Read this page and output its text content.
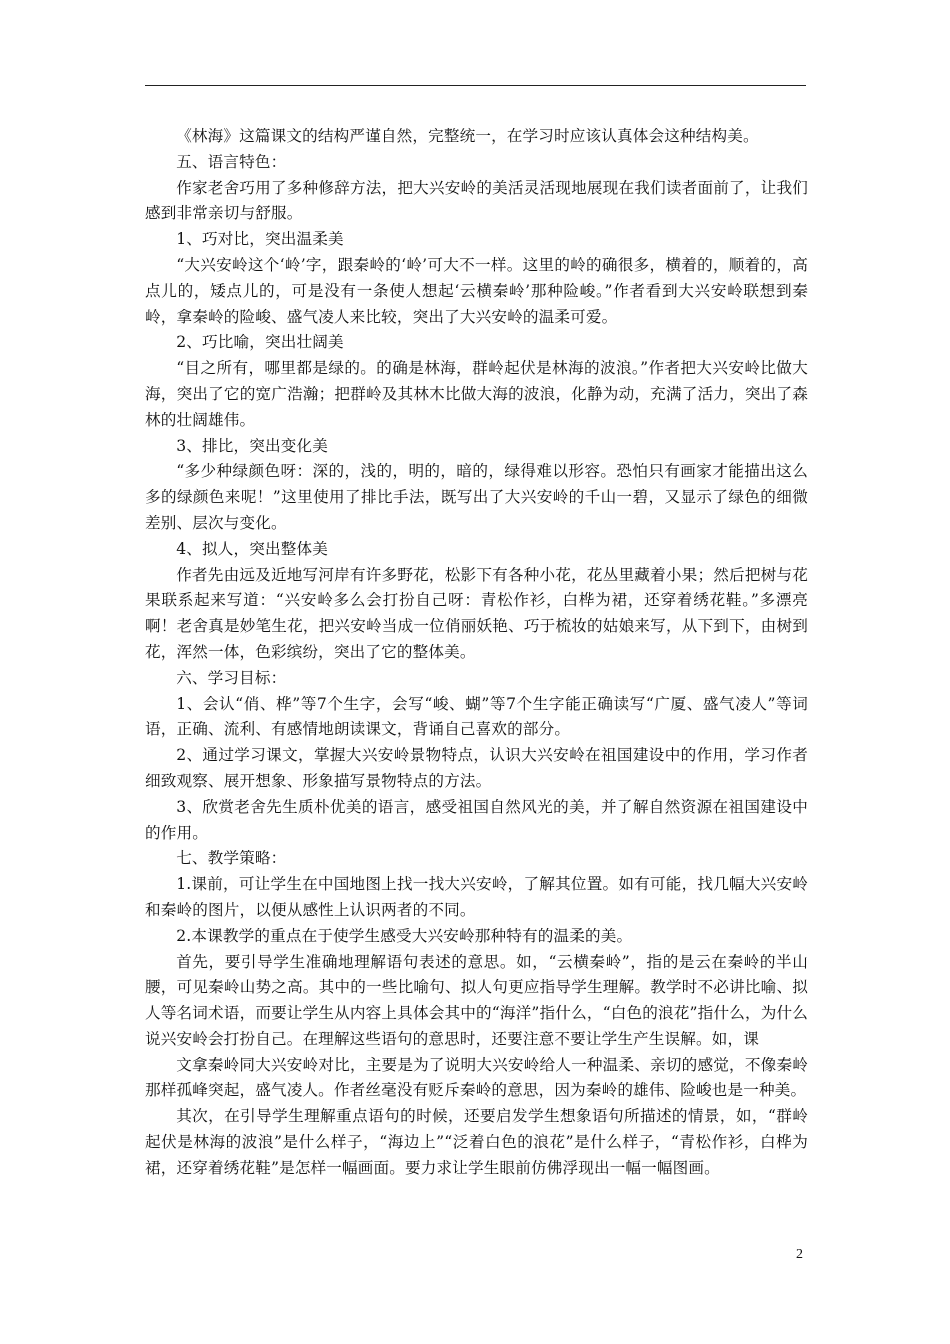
《林海》这篇课文的结构严谨自然，完整统一，在学习时应该认真体会这种结构美。

五、语言特色：

作家老舍巧用了多种修辞方法，把大兴安岭的美活灵活现地展现在我们读者面前了，让我们感到非常亲切与舒服。

1、巧对比，突出温柔美

“大兴安岭这个‘岭’字，跟秦岭的‘岭’可大不一样。这里的岭的确很多，横着的，顺着的，高点儿的，矮点儿的，可是没有一条使人想起‘云横秦岭’那种险峻。”作者看到大兴安岭联想到秦岭，拿秦岭的险峻、盛气凌人来比较，突出了大兴安岭的温柔可爱。

2、巧比喻，突出壮阔美

“目之所有，哪里都是绿的。的确是林海，群岭起伏是林海的波浪。”作者把大兴安岭比做大海，突出了它的宽广浩瀚；把群岭及其林木比做大海的波浪，化静为动，充满了活力，突出了森林的壮阔雄伟。

3、排比，突出变化美

“多少种绿颜色呀：深的，浅的，明的，暗的，绿得难以形容。恐怕只有画家才能描出这么多的绿颜色来呢！”这里使用了排比手法，既写出了大兴安岭的千山一碧，又显示了绿色的细微差别、层次与变化。

4、拟人，突出整体美

作者先由远及近地写河岸有许多野花，松影下有各种小花，花丛里藏着小果；然后把树与花果联系起来写道：“兴安岭多么会打扮自己呀：青松作衫，白桦为裙，还穿着绣花鞋。”多漂亮啊！老舍真是妙笔生花，把兴安岭当成一位俏丽妖艳、巧于梳妆的姑娘来写，从下到下，由树到花，浑然一体，色彩缤纷，突出了它的整体美。

六、学习目标：

1、会认“俏、桦”等7个生字，会写“峻、蝴”等7个生字能正确读写“广厦、盛气凌人”等词语，正确、流利、有感情地朗读课文，背诵自己喜欢的部分。

2、通过学习课文，掌握大兴安岭景物特点，认识大兴安岭在祖国建设中的作用，学习作者细致观察、展开想象、形象描写景物特点的方法。

3、欣赏老舍先生质朴优美的语言，感受祖国自然风光的美，并了解自然资源在祖国建设中的作用。

七、教学策略：

1.课前，可让学生在中国地图上找一找大兴安岭，了解其位置。如有可能，找几幅大兴安岭和秦岭的图片，以便从感性上认识两者的不同。

2.本课教学的重点在于使学生感受大兴安岭那种特有的温柔的美。

首先，要引导学生准确地理解语句表述的意思。如，“云横秦岭”，指的是云在秦岭的半山腰，可见秦岭山势之高。其中的一些比喻句、拟人句更应指导学生理解。教学时不必讲比喻、拟人等名词术语，而要让学生从内容上具体会其中的“海洋”指什么，“白色的浪花”指什么，为什么说兴安岭会打扮自己。在理解这些语句的意思时，还要注意不要让学生产生误解。如，课

文拿秦岭同大兴安岭对比，主要是为了说明大兴安岭给人一种温柔、亲切的感觉，不像秦岭那样孤峰突起，盛气凌人。作者丝毫没有贬斥秦岭的意思，因为秦岭的雄伟、险峻也是一种美。

其次，在引导学生理解重点语句的时候，还要启发学生想象语句所描述的情景，如，“群岭起伏是林海的波浪”是什么样子，“海边上”“泛着白色的浪花”是什么样子，“青松作衫，白桦为裙，还穿着绣花鞋”是怎样一幅画面。要力求让学生眼前仿佛浮现出一幅一幅图画。

2
